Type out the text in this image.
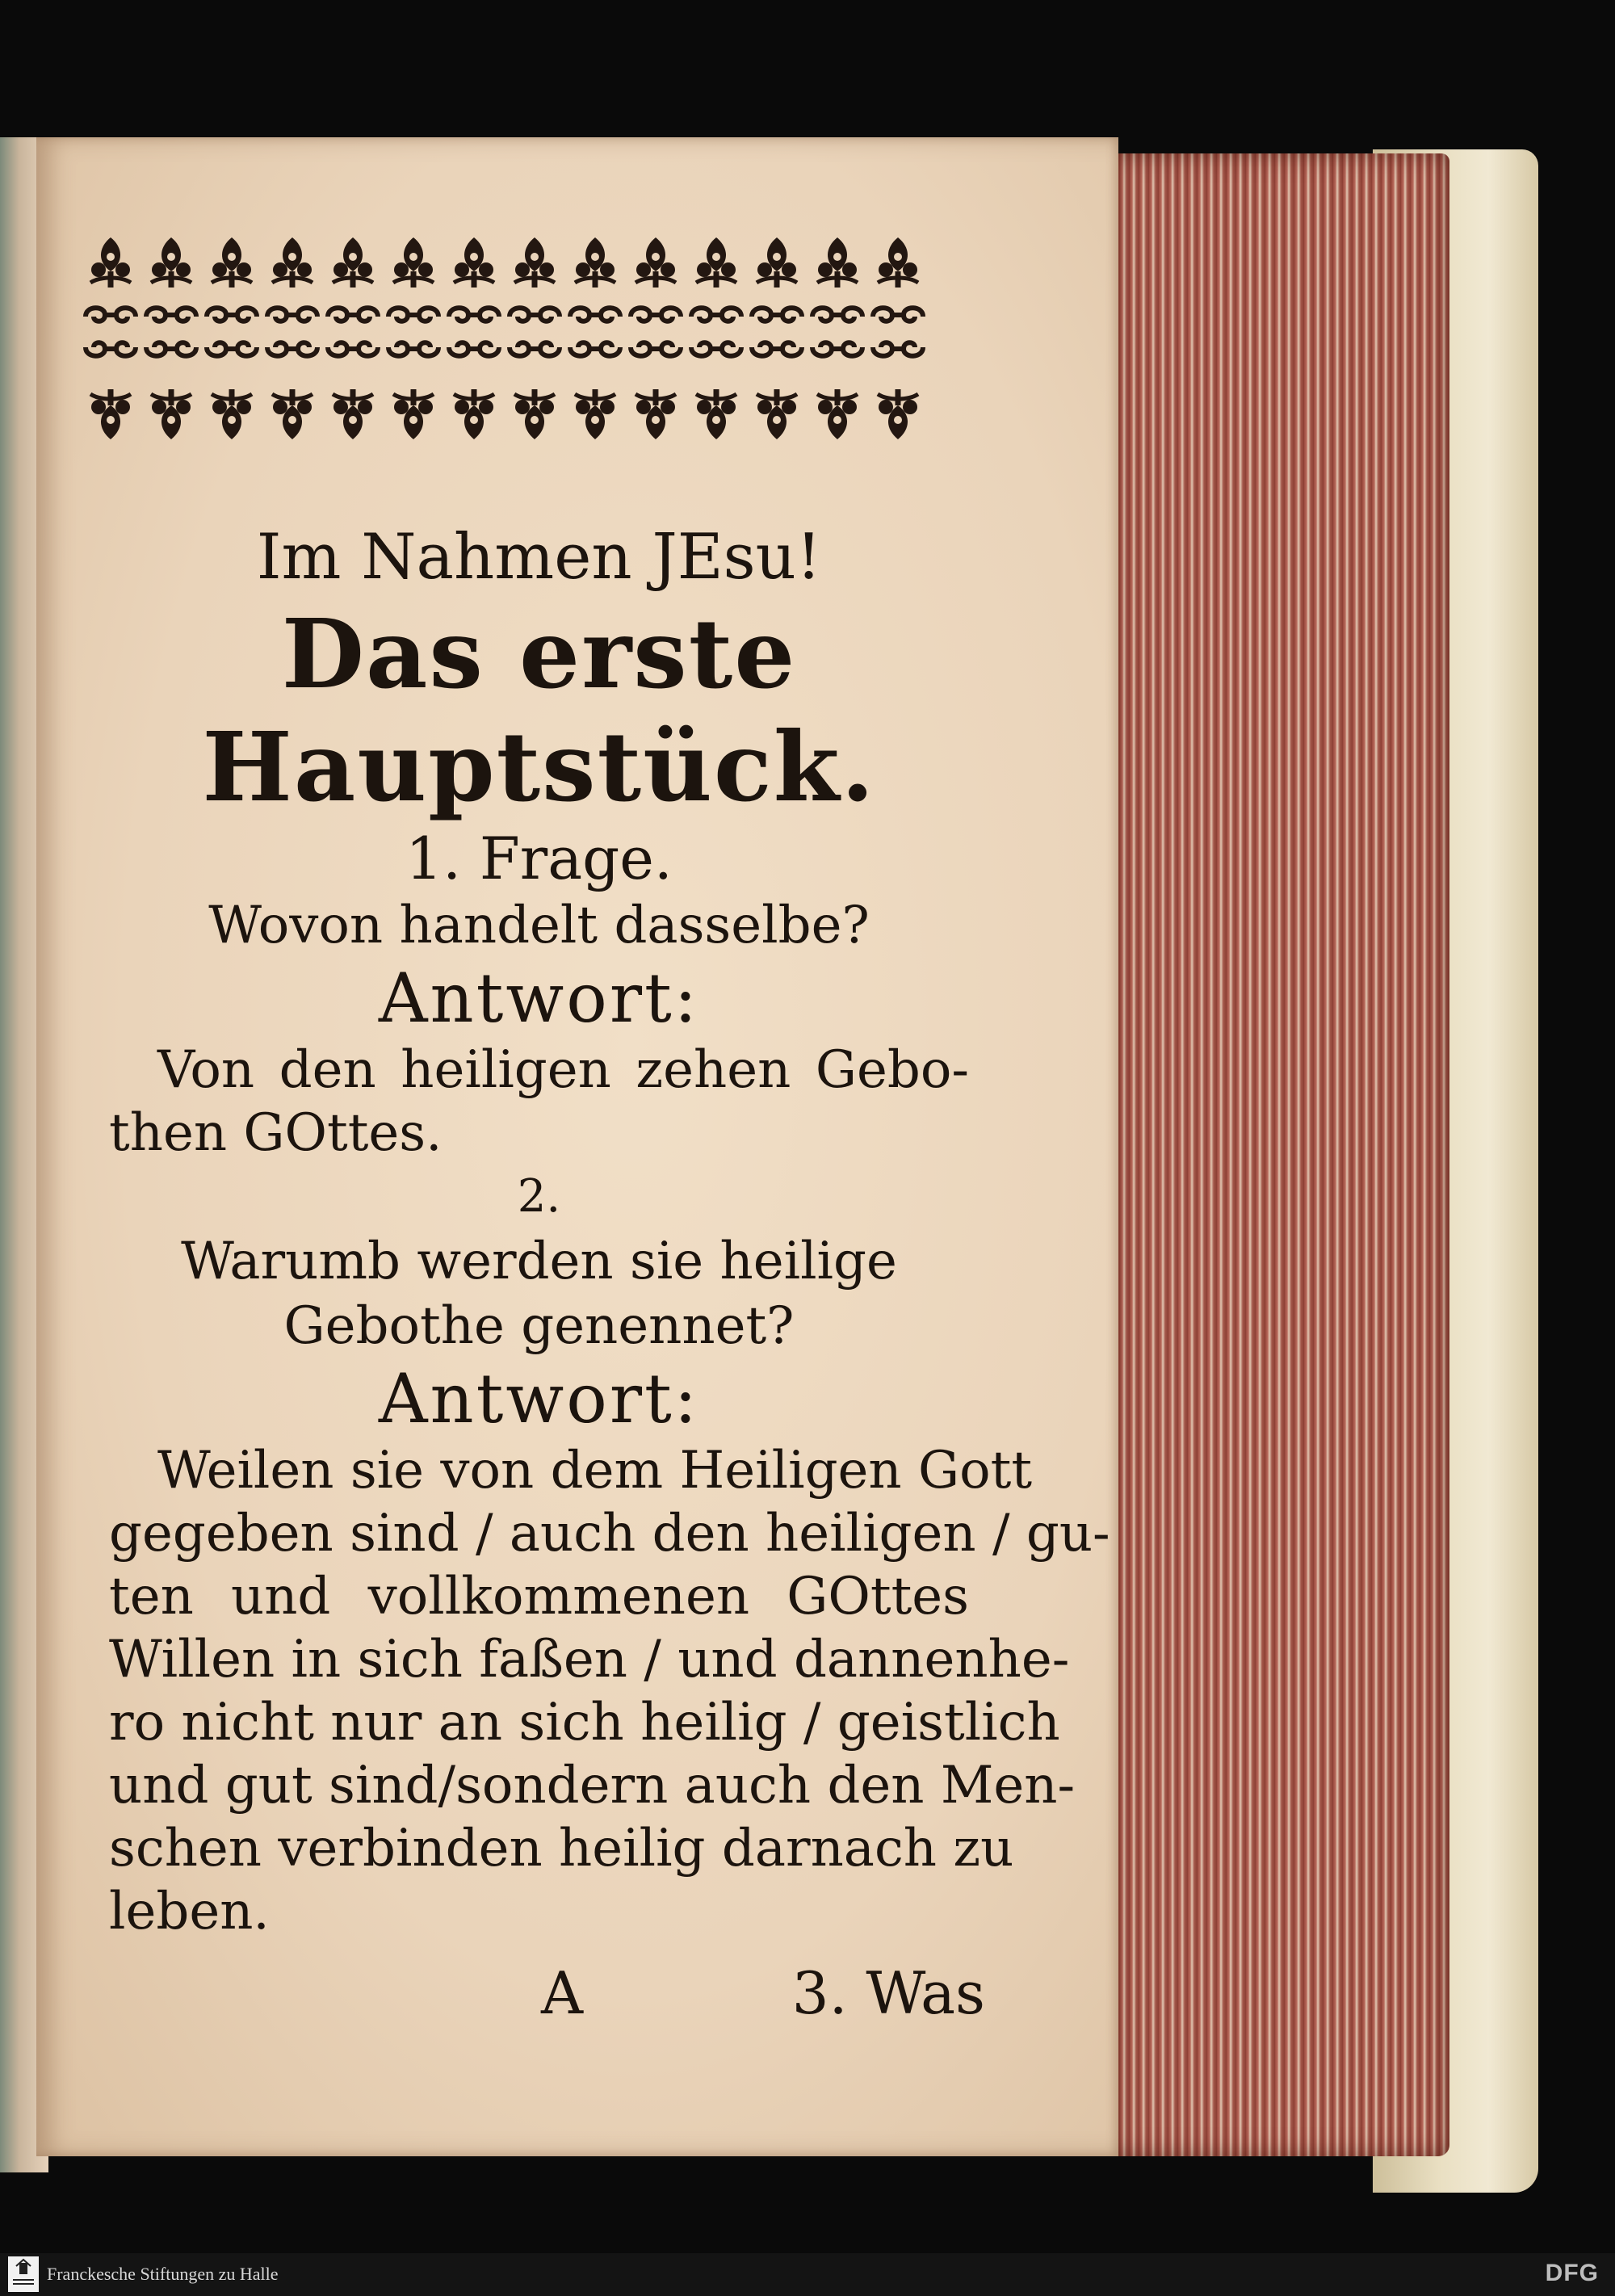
Im Nahmen JEsu!

Das erste Hauptstück.

1. Frage.

Wovon handelt dasselbe?

Antwort:

Von den heiligen zehen Gebo-

then GOttes.

2.

Warumb werden sie heilige

Gebothe genennet?

Antwort:

Weilen sie von dem Heiligen Gott

gegeben sind / auch den heiligen / gu-

ten und vollkommenen GOttes

Willen in sich faßen / und dannenhe-

ro nicht nur an sich heilig / geistlich

und gut sind/sondern auch den Men-

schen verbinden heilig darnach zu

leben.

A	3. Was
Franckesche Stiftungen zu Halle	DFG
